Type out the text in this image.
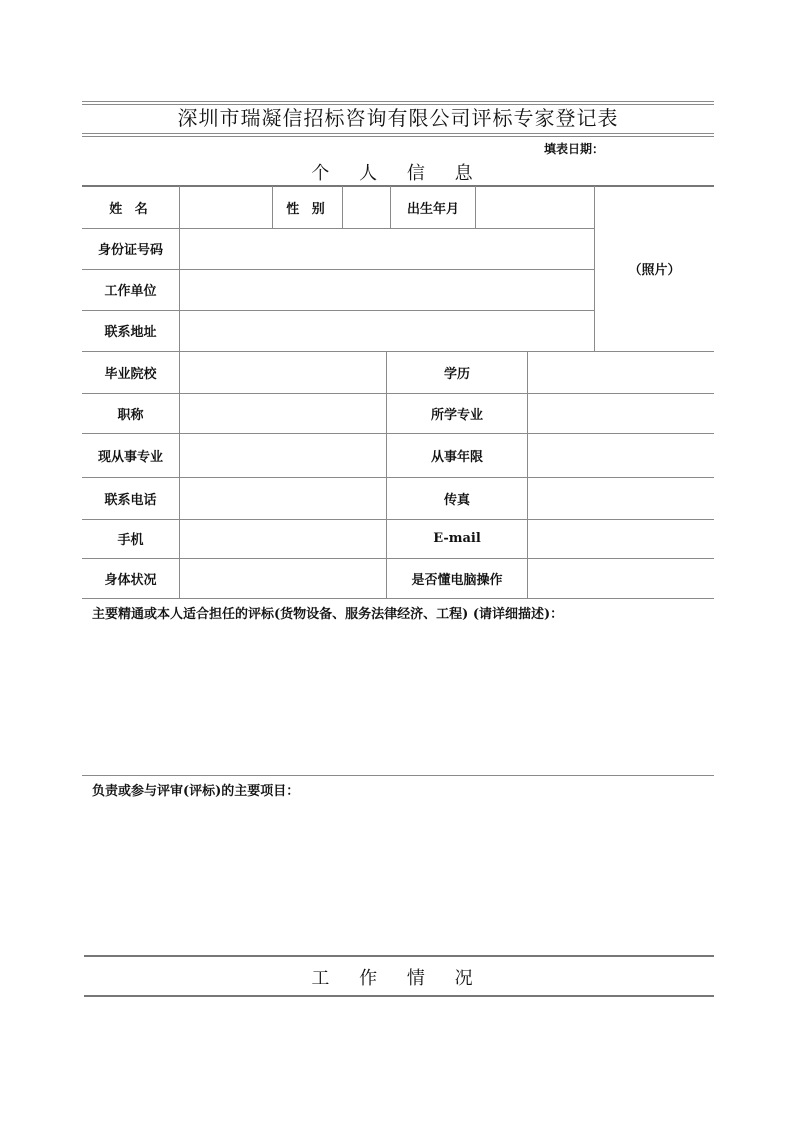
深圳市瑞凝信招标咨询有限公司评标专家登记表
填表日期：
个 人 信 息
姓 名	性 别	出生年月
（照片）
身份证号码
工作单位
联系地址
毕业院校	学历
职称	所学专业
现从事专业	从事年限
联系电话	传真
手机	E-mail
身体状况	是否懂电脑操作
主要精通或本人适合担任的评标(货物设备、服务法律经济、工程) (请详细描述)：
负责或参与评审(评标)的主要项目：
工 作 情 况
